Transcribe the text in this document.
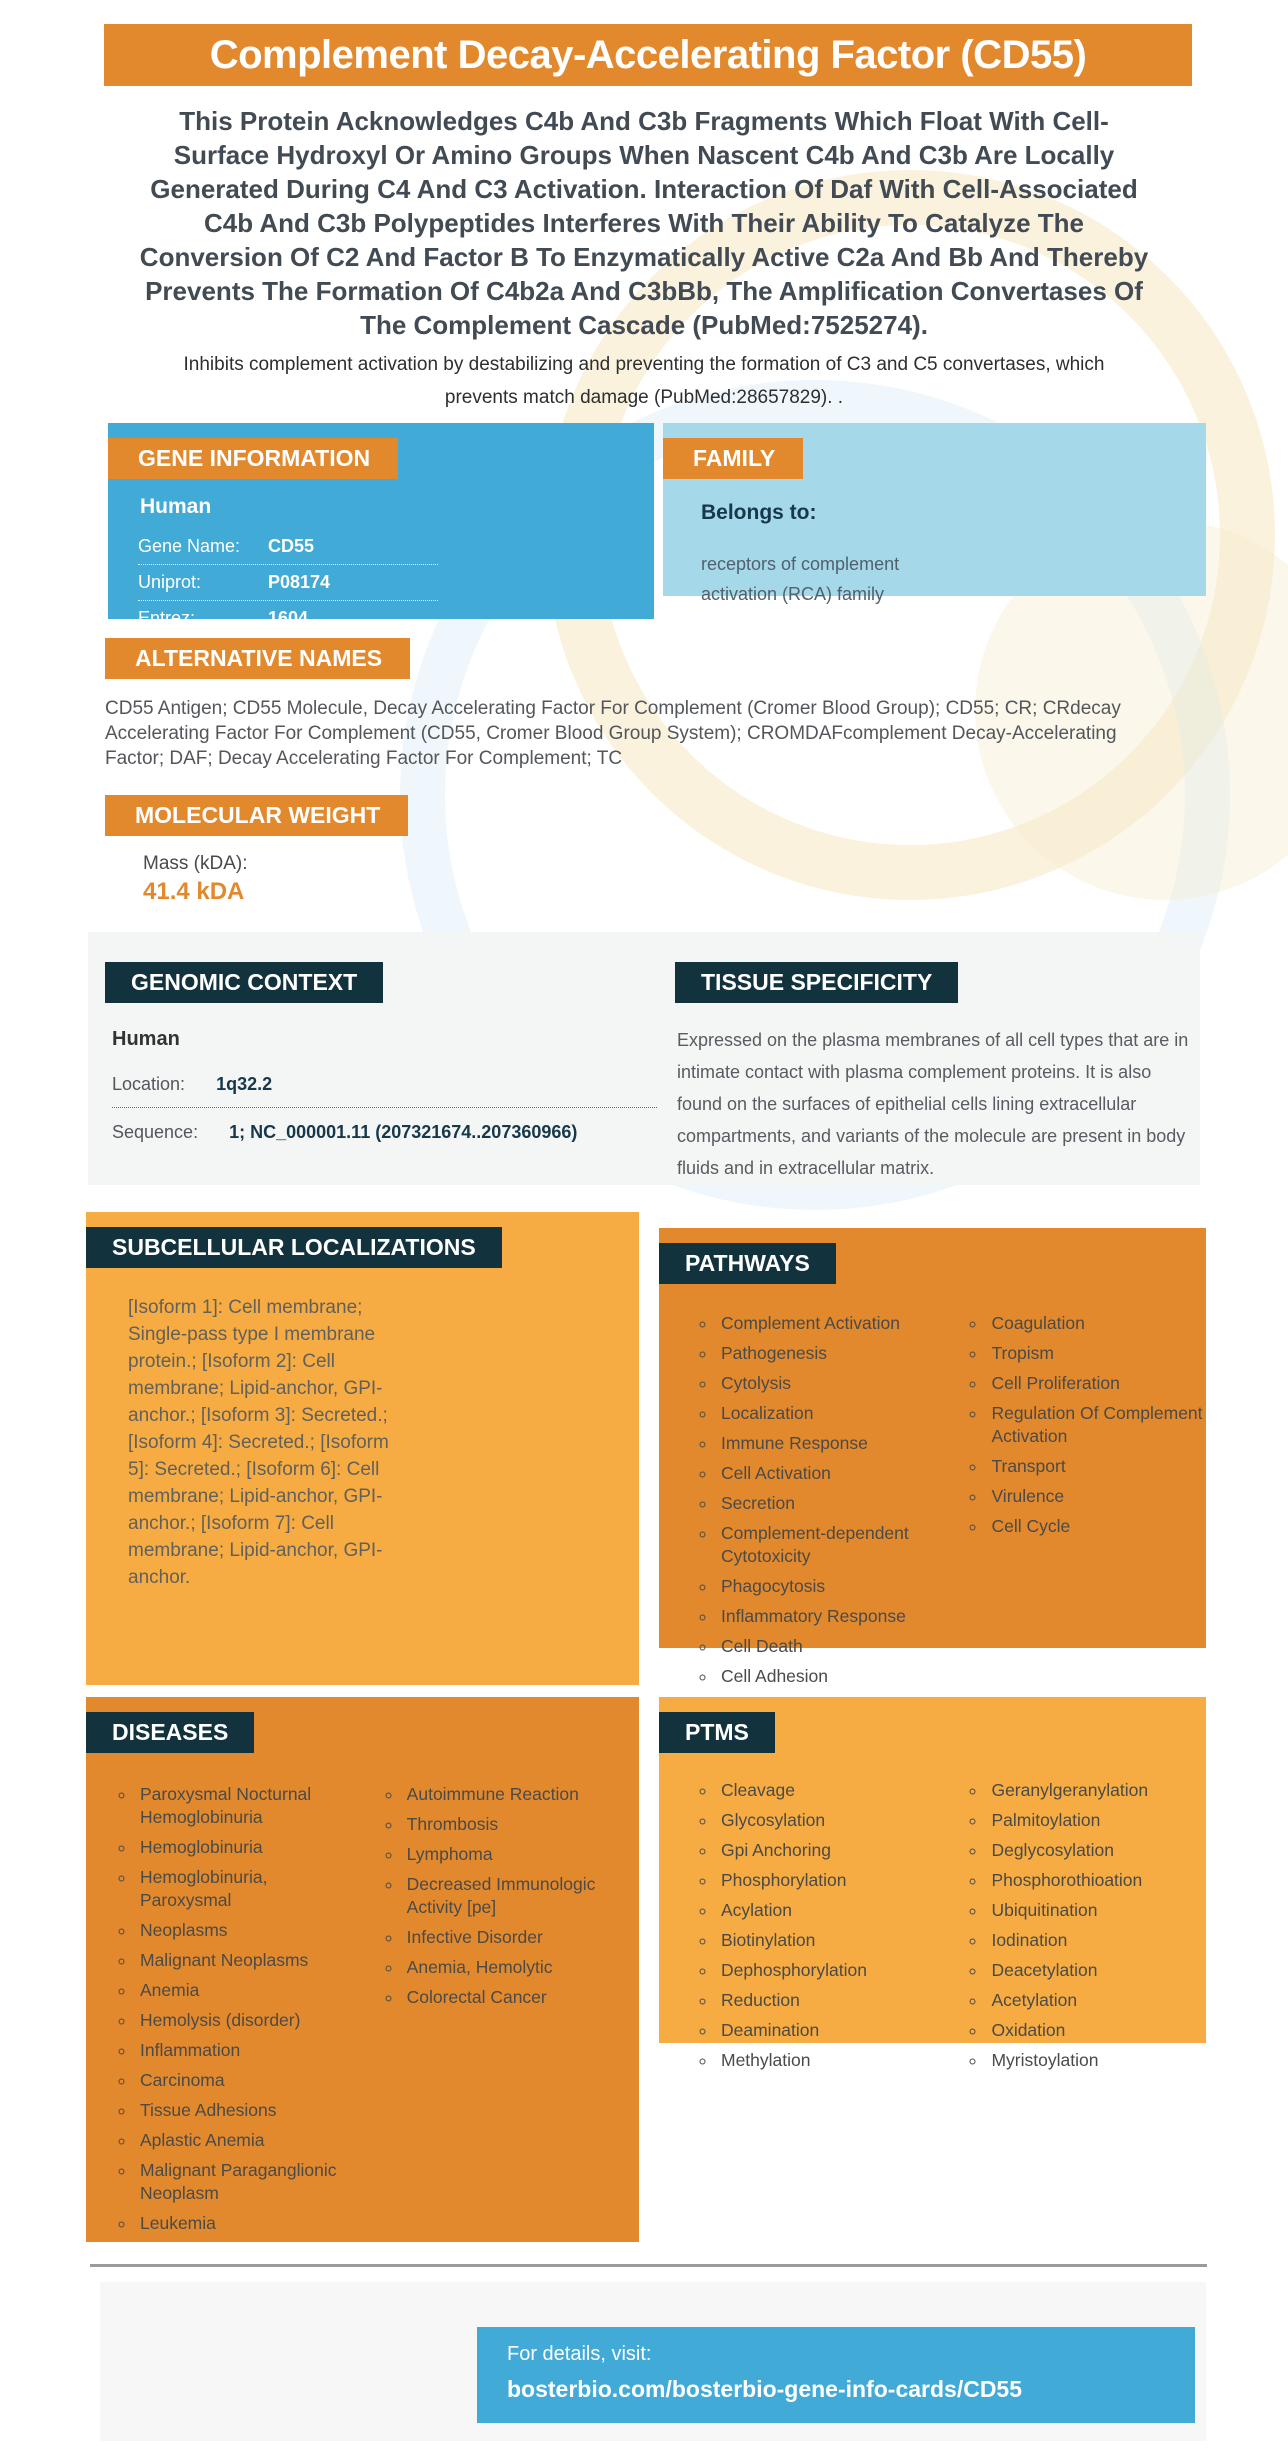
Complement Decay-Accelerating Factor (CD55)
This Protein Acknowledges C4b And C3b Fragments Which Float With Cell-Surface Hydroxyl Or Amino Groups When Nascent C4b And C3b Are Locally Generated During C4 And C3 Activation. Interaction Of Daf With Cell-Associated C4b And C3b Polypeptides Interferes With Their Ability To Catalyze The Conversion Of C2 And Factor B To Enzymatically Active C2a And Bb And Thereby Prevents The Formation Of C4b2a And C3bBb, The Amplification Convertases Of The Complement Cascade (PubMed:7525274).
Inhibits complement activation by destabilizing and preventing the formation of C3 and C5 convertases, which prevents match damage (PubMed:28657829). .
GENE INFORMATION
Human
Gene Name: CD55
Uniprot:	P08174
Entrez:	1604
FAMILY
Belongs to:
receptors of complement activation (RCA) family
ALTERNATIVE NAMES
CD55 Antigen; CD55 Molecule, Decay Accelerating Factor For Complement (Cromer Blood Group); CD55; CR; CRdecay Accelerating Factor For Complement (CD55, Cromer Blood Group System); CROMDAFcomplement Decay-Accelerating Factor; DAF; Decay Accelerating Factor For Complement; TC
MOLECULAR WEIGHT
Mass (kDA):
41.4 kDA
GENOMIC CONTEXT
Human
Location: 1q32.2
Sequence: 1; NC_000001.11 (207321674..207360966)
TISSUE SPECIFICITY
Expressed on the plasma membranes of all cell types that are in intimate contact with plasma complement proteins. It is also found on the surfaces of epithelial cells lining extracellular compartments, and variants of the molecule are present in body fluids and in extracellular matrix.
SUBCELLULAR LOCALIZATIONS
[Isoform 1]: Cell membrane; Single-pass type I membrane protein.; [Isoform 2]: Cell membrane; Lipid-anchor, GPI-anchor.; [Isoform 3]: Secreted.; [Isoform 4]: Secreted.; [Isoform 5]: Secreted.; [Isoform 6]: Cell membrane; Lipid-anchor, GPI-anchor.; [Isoform 7]: Cell membrane; Lipid-anchor, GPI-anchor.
PATHWAYS
◦ Complement Activation
◦ Pathogenesis
◦ Cytolysis
◦ Localization
◦ Immune Response
◦ Cell Activation
◦ Secretion
◦ Complement-dependent Cytotoxicity
◦ Phagocytosis
◦ Inflammatory Response
◦ Cell Death
◦ Cell Adhesion
◦
◦ Coagulation
◦ Tropism
◦ Cell Proliferation
◦ Regulation Of Complement Activation
◦ Transport
◦ Virulence
◦ Cell Cycle
DISEASES
◦ Paroxysmal Nocturnal Hemoglobinuria
◦ Hemoglobinuria
◦ Hemoglobinuria, Paroxysmal
◦ Neoplasms
◦ Malignant Neoplasms
◦ Anemia
◦ Hemolysis (disorder)
◦ Inflammation
◦ Carcinoma
◦ Tissue Adhesions
◦ Aplastic Anemia
◦ Malignant Paraganglionic Neoplasm
◦ Leukemia
◦ Autoimmune Reaction
◦ Thrombosis
◦ Lymphoma
◦ Decreased Immunologic Activity [pe]
◦ Infective Disorder
◦ Anemia, Hemolytic
◦ Colorectal Cancer
PTMS
◦ Cleavage
◦ Glycosylation
◦ Gpi Anchoring
◦ Phosphorylation
◦ Acylation
◦ Biotinylation
◦ Dephosphorylation
◦ Reduction
◦ Deamination
◦ Methylation
◦ Geranylgeranylation
◦ Palmitoylation
◦ Deglycosylation
◦ Phosphorothioation
◦ Ubiquitination
◦ Iodination
◦ Deacetylation
◦ Acetylation
◦ Oxidation
◦ Myristoylation
For details, visit:
bosterbio.com/bosterbio-gene-info-cards/CD55
